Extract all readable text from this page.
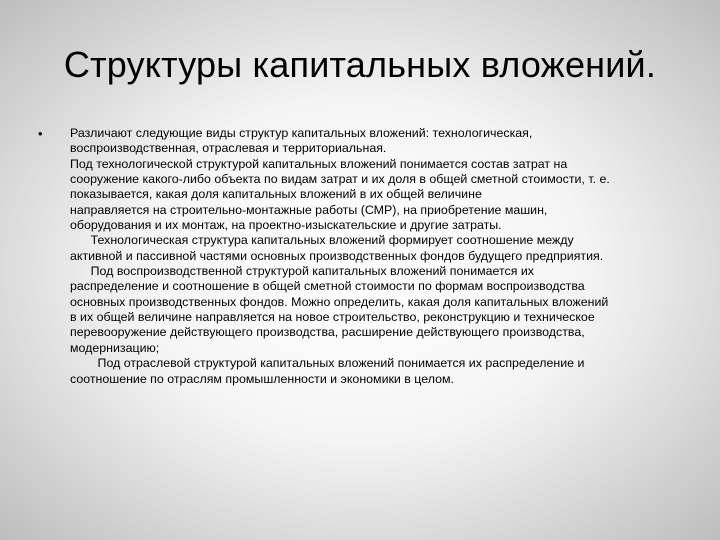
Структуры капитальных вложений.
•	Различают следующие виды структур капитальных вложений: технологическая,
воспроизводственная, отраслевая и территориальная.
Под технологической структурой капитальных вложений понимается состав затрат на
сооружение какого-либо объекта по видам затрат и их доля в общей сметной стоимости, т. е.
показывается, какая доля капитальных вложений в их общей величине
направляется на строительно-монтажные работы (СМР), на приобретение машин,
оборудования и их монтаж, на проектно-изыскательские и другие затраты.
Технологическая структура капитальных вложений формирует соотношение между
активной и пассивной частями основных производственных фондов будущего предприятия.
Под воспроизводственной структурой капитальных вложений понимается их
распределение и соотношение в общей сметной стоимости по формам воспроизводства
основных производственных фондов. Можно определить, какая доля капитальных вложений
в их общей величине направляется на новое строительство, реконструкцию и техническое
перевооружение действующего производства, расширение действующего производства,
модернизацию;
Под отраслевой структурой капитальных вложений понимается их распределение и
соотношение по отраслям промышленности и экономики в целом.
